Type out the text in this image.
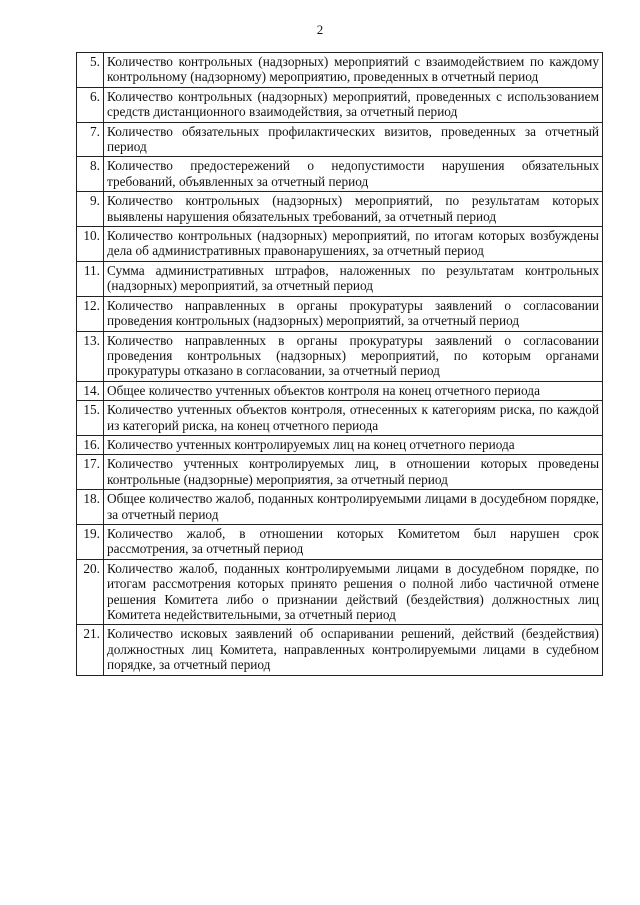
2
5.	Количество контрольных (надзорных) мероприятий с взаимодействием по каждому контрольному (надзорному) мероприятию, проведенных в отчетный период
6.	Количество контрольных (надзорных) мероприятий, проведенных с использованием средств дистанционного взаимодействия, за отчетный период
7.	Количество обязательных профилактических визитов, проведенных за отчетный период
8.	Количество предостережений о недопустимости нарушения обязательных требований, объявленных за отчетный период
9.	Количество контрольных (надзорных) мероприятий, по результатам которых выявлены нарушения обязательных требований, за отчетный период
10.	Количество контрольных (надзорных) мероприятий, по итогам которых возбуждены дела об административных правонарушениях, за отчетный период
11.	Сумма административных штрафов, наложенных по результатам контрольных (надзорных) мероприятий, за отчетный период
12.	Количество направленных в органы прокуратуры заявлений о согласовании проведения контрольных (надзорных) мероприятий, за отчетный период
13.	Количество направленных в органы прокуратуры заявлений о согласовании проведения контрольных (надзорных) мероприятий, по которым органами прокуратуры отказано в согласовании, за отчетный период
14.	Общее количество учтенных объектов контроля на конец отчетного периода
15.	Количество учтенных объектов контроля, отнесенных к категориям риска, по каждой из категорий риска, на конец отчетного периода
16.	Количество учтенных контролируемых лиц на конец отчетного периода
17.	Количество учтенных контролируемых лиц, в отношении которых проведены контрольные (надзорные) мероприятия, за отчетный период
18.	Общее количество жалоб, поданных контролируемыми лицами в досудебном порядке, за отчетный период
19.	Количество жалоб, в отношении которых Комитетом был нарушен срок рассмотрения, за отчетный период
20.	Количество жалоб, поданных контролируемыми лицами в досудебном порядке, по итогам рассмотрения которых принято решения о полной либо частичной отмене решения Комитета либо о признании действий (бездействия) должностных лиц Комитета недействительными, за отчетный период
21.	Количество исковых заявлений об оспаривании решений, действий (бездействия) должностных лиц Комитета, направленных контролируемыми лицами в судебном порядке, за отчетный период
